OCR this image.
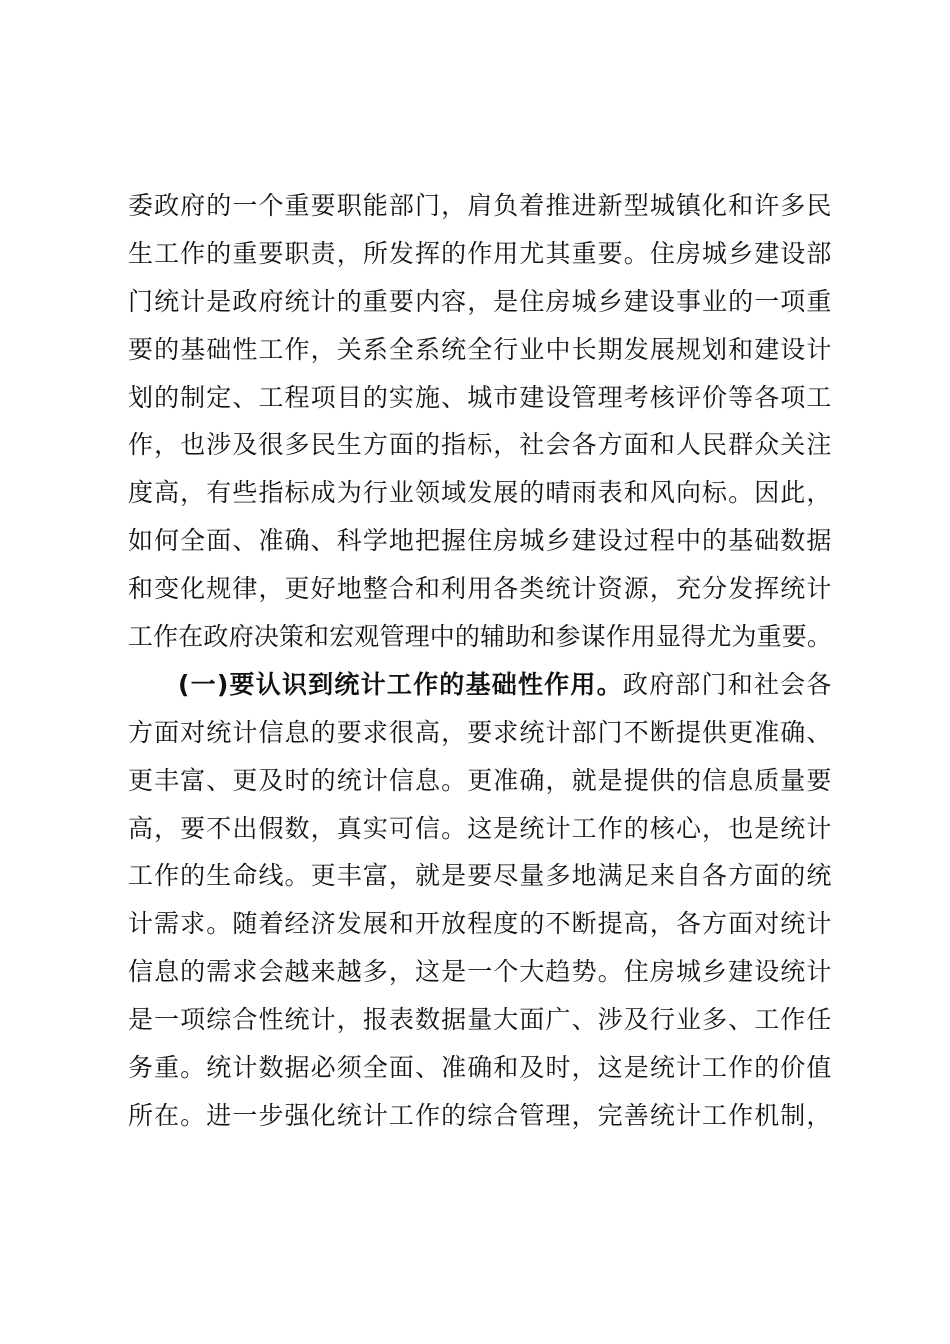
委政府的一个重要职能部门，肩负着推进新型城镇化和许多民
生工作的重要职责，所发挥的作用尤其重要。住房城乡建设部
门统计是政府统计的重要内容，是住房城乡建设事业的一项重
要的基础性工作，关系全系统全行业中长期发展规划和建设计
划的制定、工程项目的实施、城市建设管理考核评价等各项工
作，也涉及很多民生方面的指标，社会各方面和人民群众关注
度高，有些指标成为行业领域发展的晴雨表和风向标。因此，
如何全面、准确、科学地把握住房城乡建设过程中的基础数据
和变化规律，更好地整合和利用各类统计资源，充分发挥统计
工作在政府决策和宏观管理中的辅助和参谋作用显得尤为重要。
(一)要认识到统计工作的基础性作用。政府部门和社会各
方面对统计信息的要求很高，要求统计部门不断提供更准确、
更丰富、更及时的统计信息。更准确，就是提供的信息质量要
高，要不出假数，真实可信。这是统计工作的核心，也是统计
工作的生命线。更丰富，就是要尽量多地满足来自各方面的统
计需求。随着经济发展和开放程度的不断提高，各方面对统计
信息的需求会越来越多，这是一个大趋势。住房城乡建设统计
是一项综合性统计，报表数据量大面广、涉及行业多、工作任
务重。统计数据必须全面、准确和及时，这是统计工作的价值
所在。进一步强化统计工作的综合管理，完善统计工作机制，
